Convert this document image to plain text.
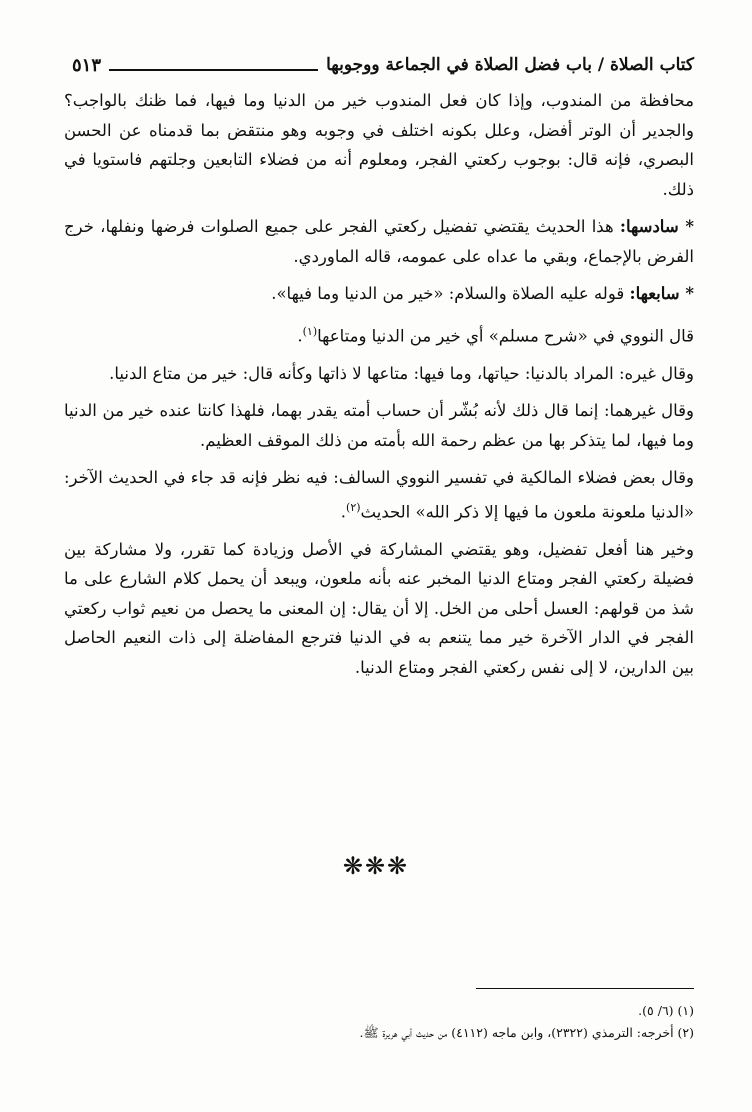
كتاب الصلاة / باب فضل الصلاة في الجماعة ووجوبها
٥١٣

محافظة من المندوب، وإذا كان فعل المندوب خير من الدنيا وما فيها، فما ظنك بالواجب؟ والجدير أن الوتر أفضل، وعلل بكونه اختلف في وجوبه وهو منتقض بما قدمناه عن الحسن البصري، فإنه قال: بوجوب ركعتي الفجر، ومعلوم أنه من فضلاء التابعين وجلتهم فاستويا في ذلك.

* سادسها: هذا الحديث يقتضي تفضيل ركعتي الفجر على جميع الصلوات فرضها ونفلها، خرج الفرض بالإجماع، وبقي ما عداه على عمومه، قاله الماوردي.

* سابعها: قوله عليه الصلاة والسلام: «خير من الدنيا وما فيها».

قال النووي في «شرح مسلم» أي خير من الدنيا ومتاعها$^{(١)}$.

وقال غيره: المراد بالدنيا: حياتها، وما فيها: متاعها لا ذاتها وكأنه قال: خير من متاع الدنيا.

وقال غيرهما: إنما قال ذلك لأنه بُشّر أن حساب أمته يقدر بهما، فلهذا كانتا عنده خير من الدنيا وما فيها، لما يتذكر بها من عظم رحمة الله بأمته من ذلك الموقف العظيم.

وقال بعض فضلاء المالكية في تفسير النووي السالف: فيه نظر فإنه قد جاء في الحديث الآخر: «الدنيا ملعونة ملعون ما فيها إلا ذكر الله» الحديث$^{(٢)}$.

وخير هنا أفعل تفضيل، وهو يقتضي المشاركة في الأصل وزيادة كما تقرر، ولا مشاركة بين فضيلة ركعتي الفجر ومتاع الدنيا المخبر عنه بأنه ملعون، ويبعد أن يحمل كلام الشارع على ما شذ من قولهم: العسل أحلى من الخل. إلا أن يقال: إن المعنى ما يحصل من نعيم ثواب ركعتي الفجر في الدار الآخرة خير مما يتنعم به في الدنيا فترجع المفاضلة إلى ذات النعيم الحاصل بين الدارين، لا إلى نفس ركعتي الفجر ومتاع الدنيا.

❋❋❋
(١) (٦/ ٥).
(٢) أخرجه: الترمذي (٢٣٢٢)، وابن ماجه (٤١١٢) من حديث أبي هريرة ﷺ.
